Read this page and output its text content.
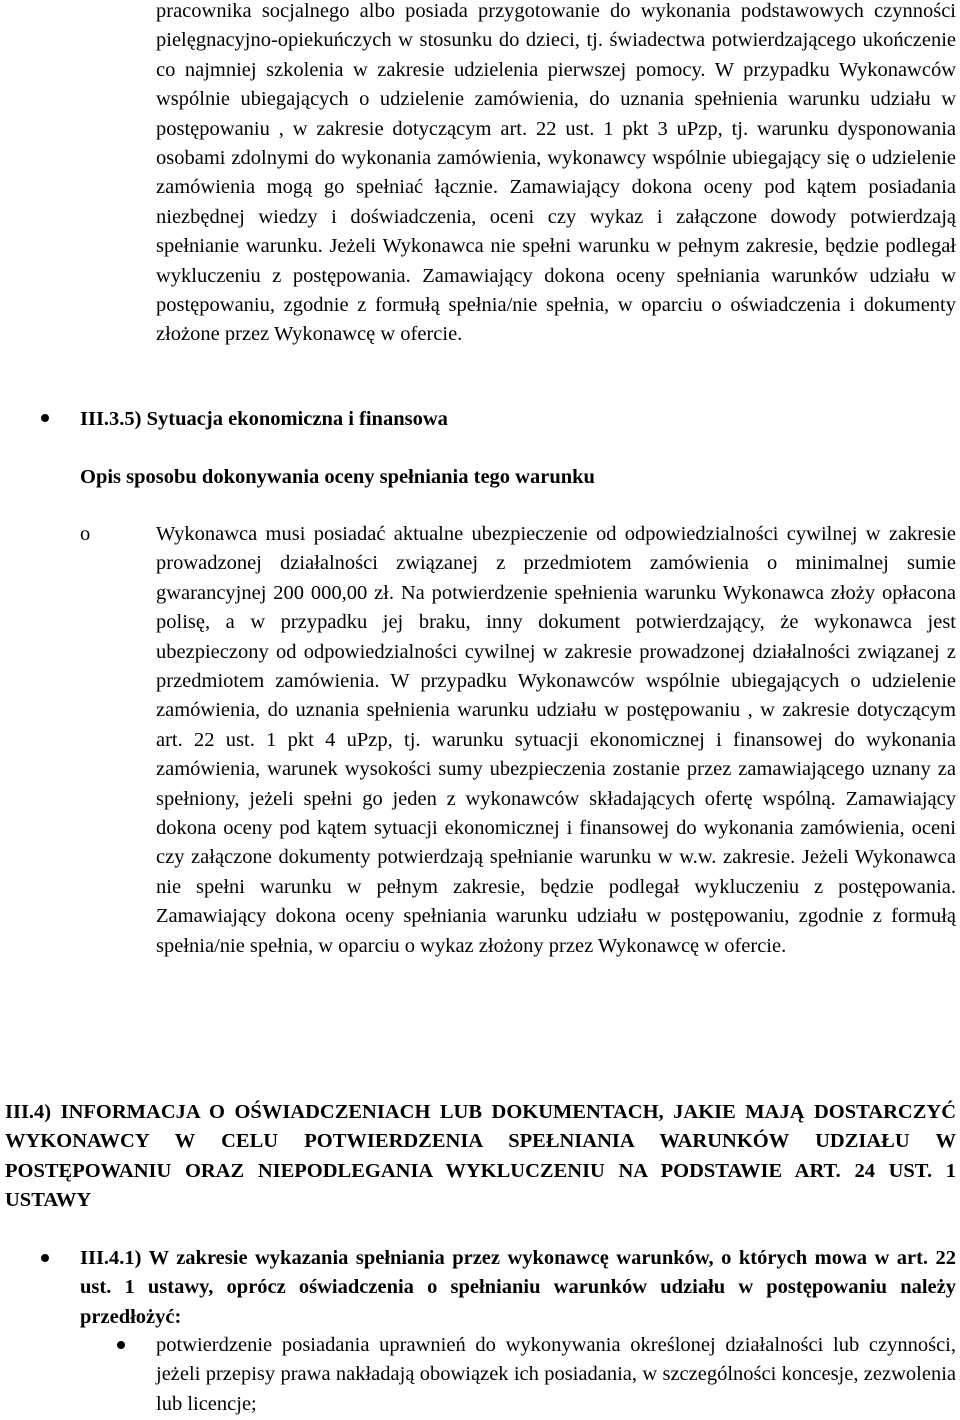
pracownika socjalnego albo posiada przygotowanie do wykonania podstawowych czynności pielęgnacyjno-opiekuńczych w stosunku do dzieci, tj. świadectwa potwierdzającego ukończenie co najmniej szkolenia w zakresie udzielenia pierwszej pomocy. W przypadku Wykonawców wspólnie ubiegających o udzielenie zamówienia, do uznania spełnienia warunku udziału w postępowaniu , w zakresie dotyczącym art. 22 ust. 1 pkt 3 uPzp, tj. warunku dysponowania osobami zdolnymi do wykonania zamówienia, wykonawcy wspólnie ubiegający się o udzielenie zamówienia mogą go spełniać łącznie. Zamawiający dokona oceny pod kątem posiadania niezbędnej wiedzy i doświadczenia, oceni czy wykaz i załączone dowody potwierdzają spełnianie warunku. Jeżeli Wykonawca nie spełni warunku w pełnym zakresie, będzie podlegał wykluczeniu z postępowania. Zamawiający dokona oceny spełniania warunków udziału w postępowaniu, zgodnie z formułą spełnia/nie spełnia, w oparciu o oświadczenia i dokumenty złożone przez Wykonawcę w ofercie.
III.3.5) Sytuacja ekonomiczna i finansowa
Opis sposobu dokonywania oceny spełniania tego warunku
o	Wykonawca musi posiadać aktualne ubezpieczenie od odpowiedzialności cywilnej w zakresie prowadzonej działalności związanej z przedmiotem zamówienia o minimalnej sumie gwarancyjnej 200 000,00 zł. Na potwierdzenie spełnienia warunku Wykonawca złoży opłacona polisę, a w przypadku jej braku, inny dokument potwierdzający, że wykonawca jest ubezpieczony od odpowiedzialności cywilnej w zakresie prowadzonej działalności związanej z przedmiotem zamówienia. W przypadku Wykonawców wspólnie ubiegających o udzielenie zamówienia, do uznania spełnienia warunku udziału w postępowaniu , w zakresie dotyczącym art. 22 ust. 1 pkt 4 uPzp, tj. warunku sytuacji ekonomicznej i finansowej do wykonania zamówienia, warunek wysokości sumy ubezpieczenia zostanie przez zamawiającego uznany za spełniony, jeżeli spełni go jeden z wykonawców składających ofertę wspólną. Zamawiający dokona oceny pod kątem sytuacji ekonomicznej i finansowej do wykonania zamówienia, oceni czy załączone dokumenty potwierdzają spełnianie warunku w w.w. zakresie. Jeżeli Wykonawca nie spełni warunku w pełnym zakresie, będzie podlegał wykluczeniu z postępowania. Zamawiający dokona oceny spełniania warunku udziału w postępowaniu, zgodnie z formułą spełnia/nie spełnia, w oparciu o wykaz złożony przez Wykonawcę w ofercie.
III.4) INFORMACJA O OŚWIADCZENIACH LUB DOKUMENTACH, JAKIE MAJĄ DOSTARCZYĆ WYKONAWCY W CELU POTWIERDZENIA SPEŁNIANIA WARUNKÓW UDZIAŁU W POSTĘPOWANIU ORAZ NIEPODLEGANIA WYKLUCZENIU NA PODSTAWIE ART. 24 UST. 1 USTAWY
III.4.1) W zakresie wykazania spełniania przez wykonawcę warunków, o których mowa w art. 22 ust. 1 ustawy, oprócz oświadczenia o spełnianiu warunków udziału w postępowaniu należy przedłożyć:
potwierdzenie posiadania uprawnień do wykonywania określonej działalności lub czynności, jeżeli przepisy prawa nakładają obowiązek ich posiadania, w szczególności koncesje, zezwolenia lub licencje;
